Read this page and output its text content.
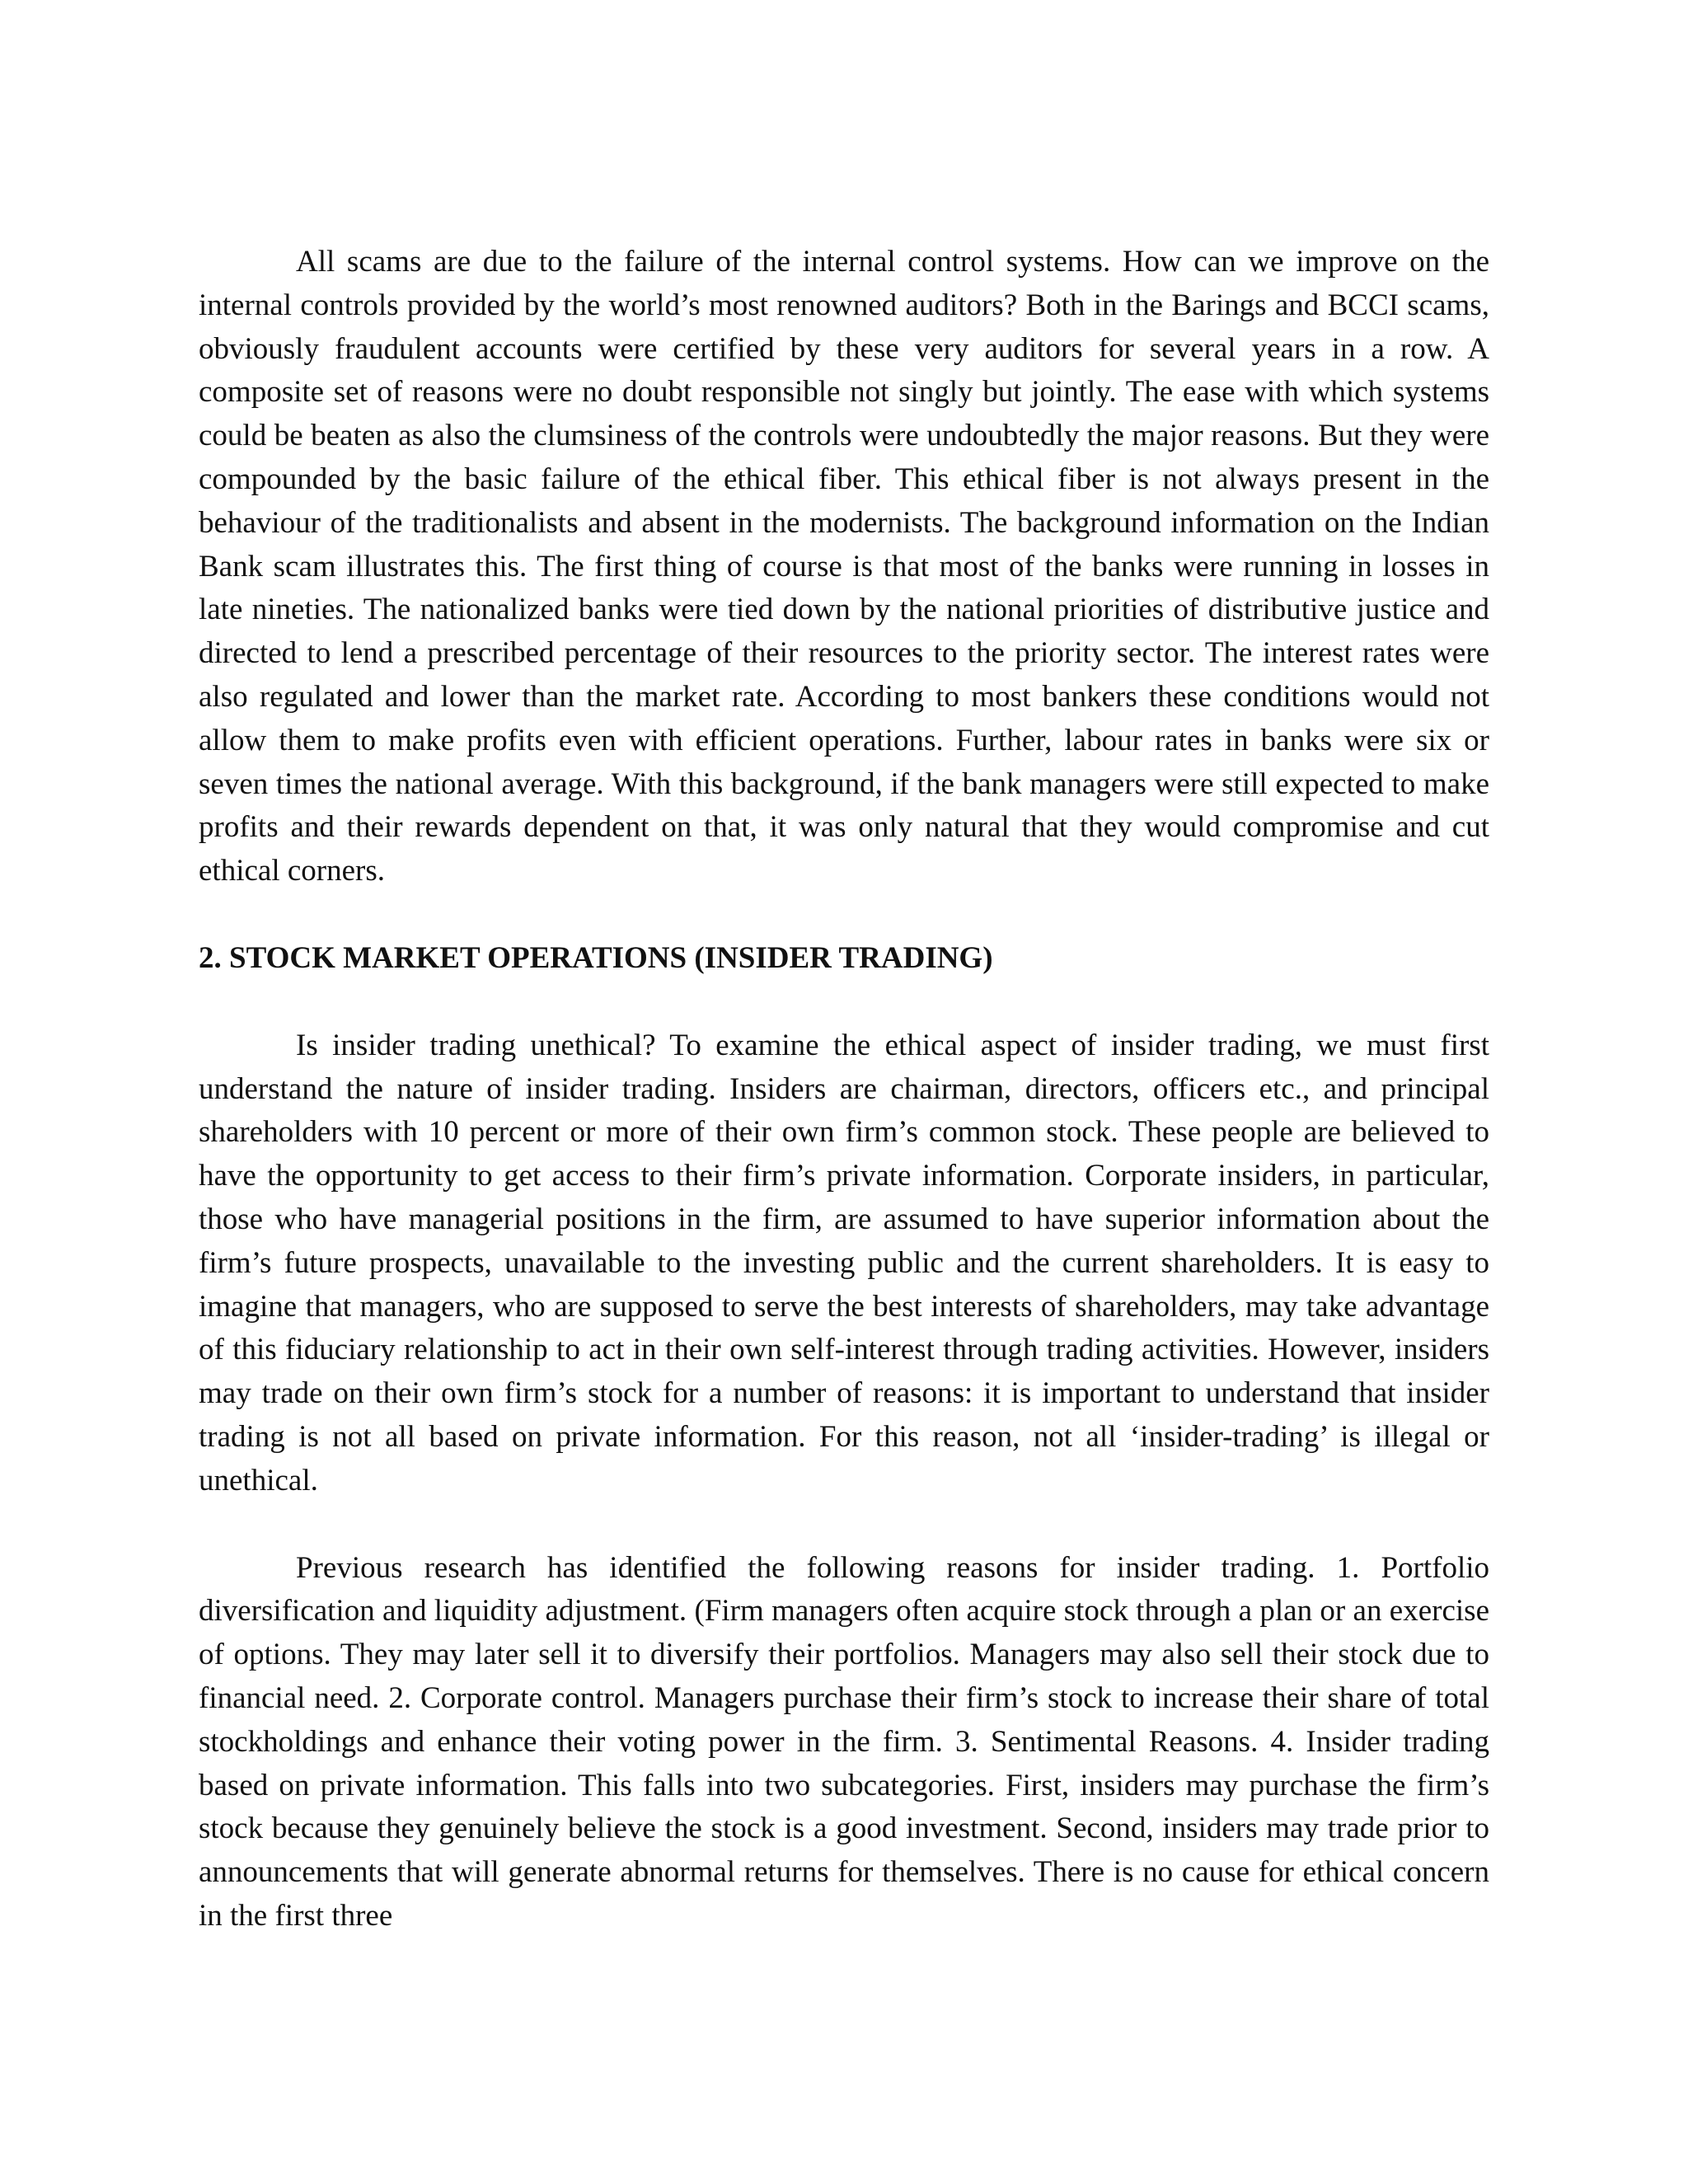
All scams are due to the failure of the internal control systems. How can we improve on the internal controls provided by the world’s most renowned auditors? Both in the Barings and BCCI scams, obviously fraudulent accounts were certified by these very auditors for several years in a row. A composite set of reasons were no doubt responsible not singly but jointly. The ease with which systems could be beaten as also the clumsiness of the controls were undoubtedly the major reasons. But they were compounded by the basic failure of the ethical fiber. This ethical fiber is not always present in the behaviour of the traditionalists and absent in the modernists. The background information on the Indian Bank scam illustrates this. The first thing of course is that most of the banks were running in losses in late nineties. The nationalized banks were tied down by the national priorities of distributive justice and directed to lend a prescribed percentage of their resources to the priority sector. The interest rates were also regulated and lower than the market rate. According to most bankers these conditions would not allow them to make profits even with efficient operations. Further, labour rates in banks were six or seven times the national average. With this background, if the bank managers were still expected to make profits and their rewards dependent on that, it was only natural that they would compromise and cut ethical corners.

2. STOCK MARKET OPERATIONS (INSIDER TRADING)

Is insider trading unethical? To examine the ethical aspect of insider trading, we must first understand the nature of insider trading. Insiders are chairman, directors, officers etc., and principal shareholders with 10 percent or more of their own firm’s common stock. These people are believed to have the opportunity to get access to their firm’s private information. Corporate insiders, in particular, those who have managerial positions in the firm, are assumed to have superior information about the firm’s future prospects, unavailable to the investing public and the current shareholders. It is easy to imagine that managers, who are supposed to serve the best interests of shareholders, may take advantage of this fiduciary relationship to act in their own self-interest through trading activities. However, insiders may trade on their own firm’s stock for a number of reasons: it is important to understand that insider trading is not all based on private information. For this reason, not all ‘insider-trading’ is illegal or unethical.

Previous research has identified the following reasons for insider trading. 1. Portfolio diversification and liquidity adjustment. (Firm managers often acquire stock through a plan or an exercise of options. They may later sell it to diversify their portfolios. Managers may also sell their stock due to financial need. 2. Corporate control. Managers purchase their firm’s stock to increase their share of total stockholdings and enhance their voting power in the firm. 3. Sentimental Reasons. 4. Insider trading based on private information. This falls into two subcategories. First, insiders may purchase the firm’s stock because they genuinely believe the stock is a good investment. Second, insiders may trade prior to announcements that will generate abnormal returns for themselves. There is no cause for ethical concern in the first three
